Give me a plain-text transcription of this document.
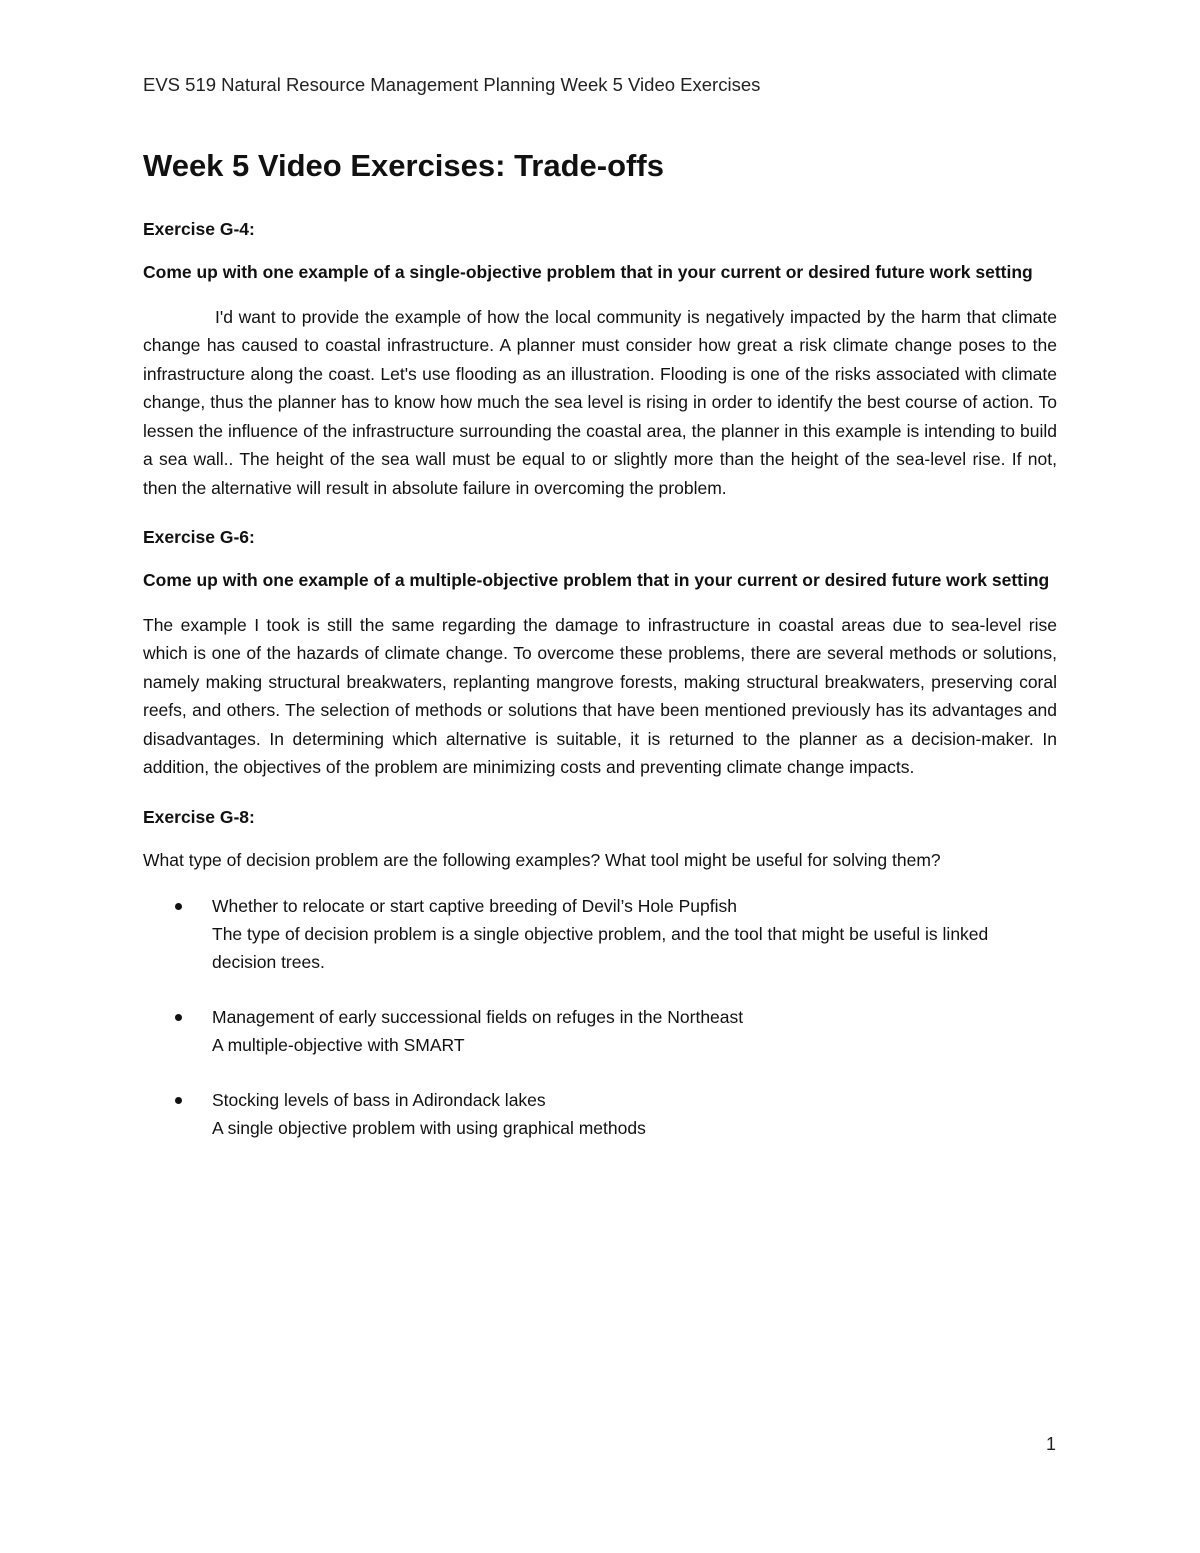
EVS 519 Natural Resource Management Planning Week 5 Video Exercises
Week 5 Video Exercises: Trade-offs
Exercise G-4:
Come up with one example of a single-objective problem that in your current or desired future work setting
I'd want to provide the example of how the local community is negatively impacted by the harm that climate change has caused to coastal infrastructure. A planner must consider how great a risk climate change poses to the infrastructure along the coast. Let's use flooding as an illustration. Flooding is one of the risks associated with climate change, thus the planner has to know how much the sea level is rising in order to identify the best course of action. To lessen the influence of the infrastructure surrounding the coastal area, the planner in this example is intending to build a sea wall.. The height of the sea wall must be equal to or slightly more than the height of the sea-level rise. If not, then the alternative will result in absolute failure in overcoming the problem.
Exercise G-6:
Come up with one example of a multiple-objective problem that in your current or desired future work setting
The example I took is still the same regarding the damage to infrastructure in coastal areas due to sea-level rise which is one of the hazards of climate change. To overcome these problems, there are several methods or solutions, namely making structural breakwaters, replanting mangrove forests, making structural breakwaters, preserving coral reefs, and others. The selection of methods or solutions that have been mentioned previously has its advantages and disadvantages. In determining which alternative is suitable, it is returned to the planner as a decision-maker. In addition, the objectives of the problem are minimizing costs and preventing climate change impacts.
Exercise G-8:
What type of decision problem are the following examples? What tool might be useful for solving them?
Whether to relocate or start captive breeding of Devil’s Hole Pupfish
The type of decision problem is a single objective problem, and the tool that might be useful is linked decision trees.
Management of early successional fields on refuges in the Northeast
A multiple-objective with SMART
Stocking levels of bass in Adirondack lakes
A single objective problem with using graphical methods
1
